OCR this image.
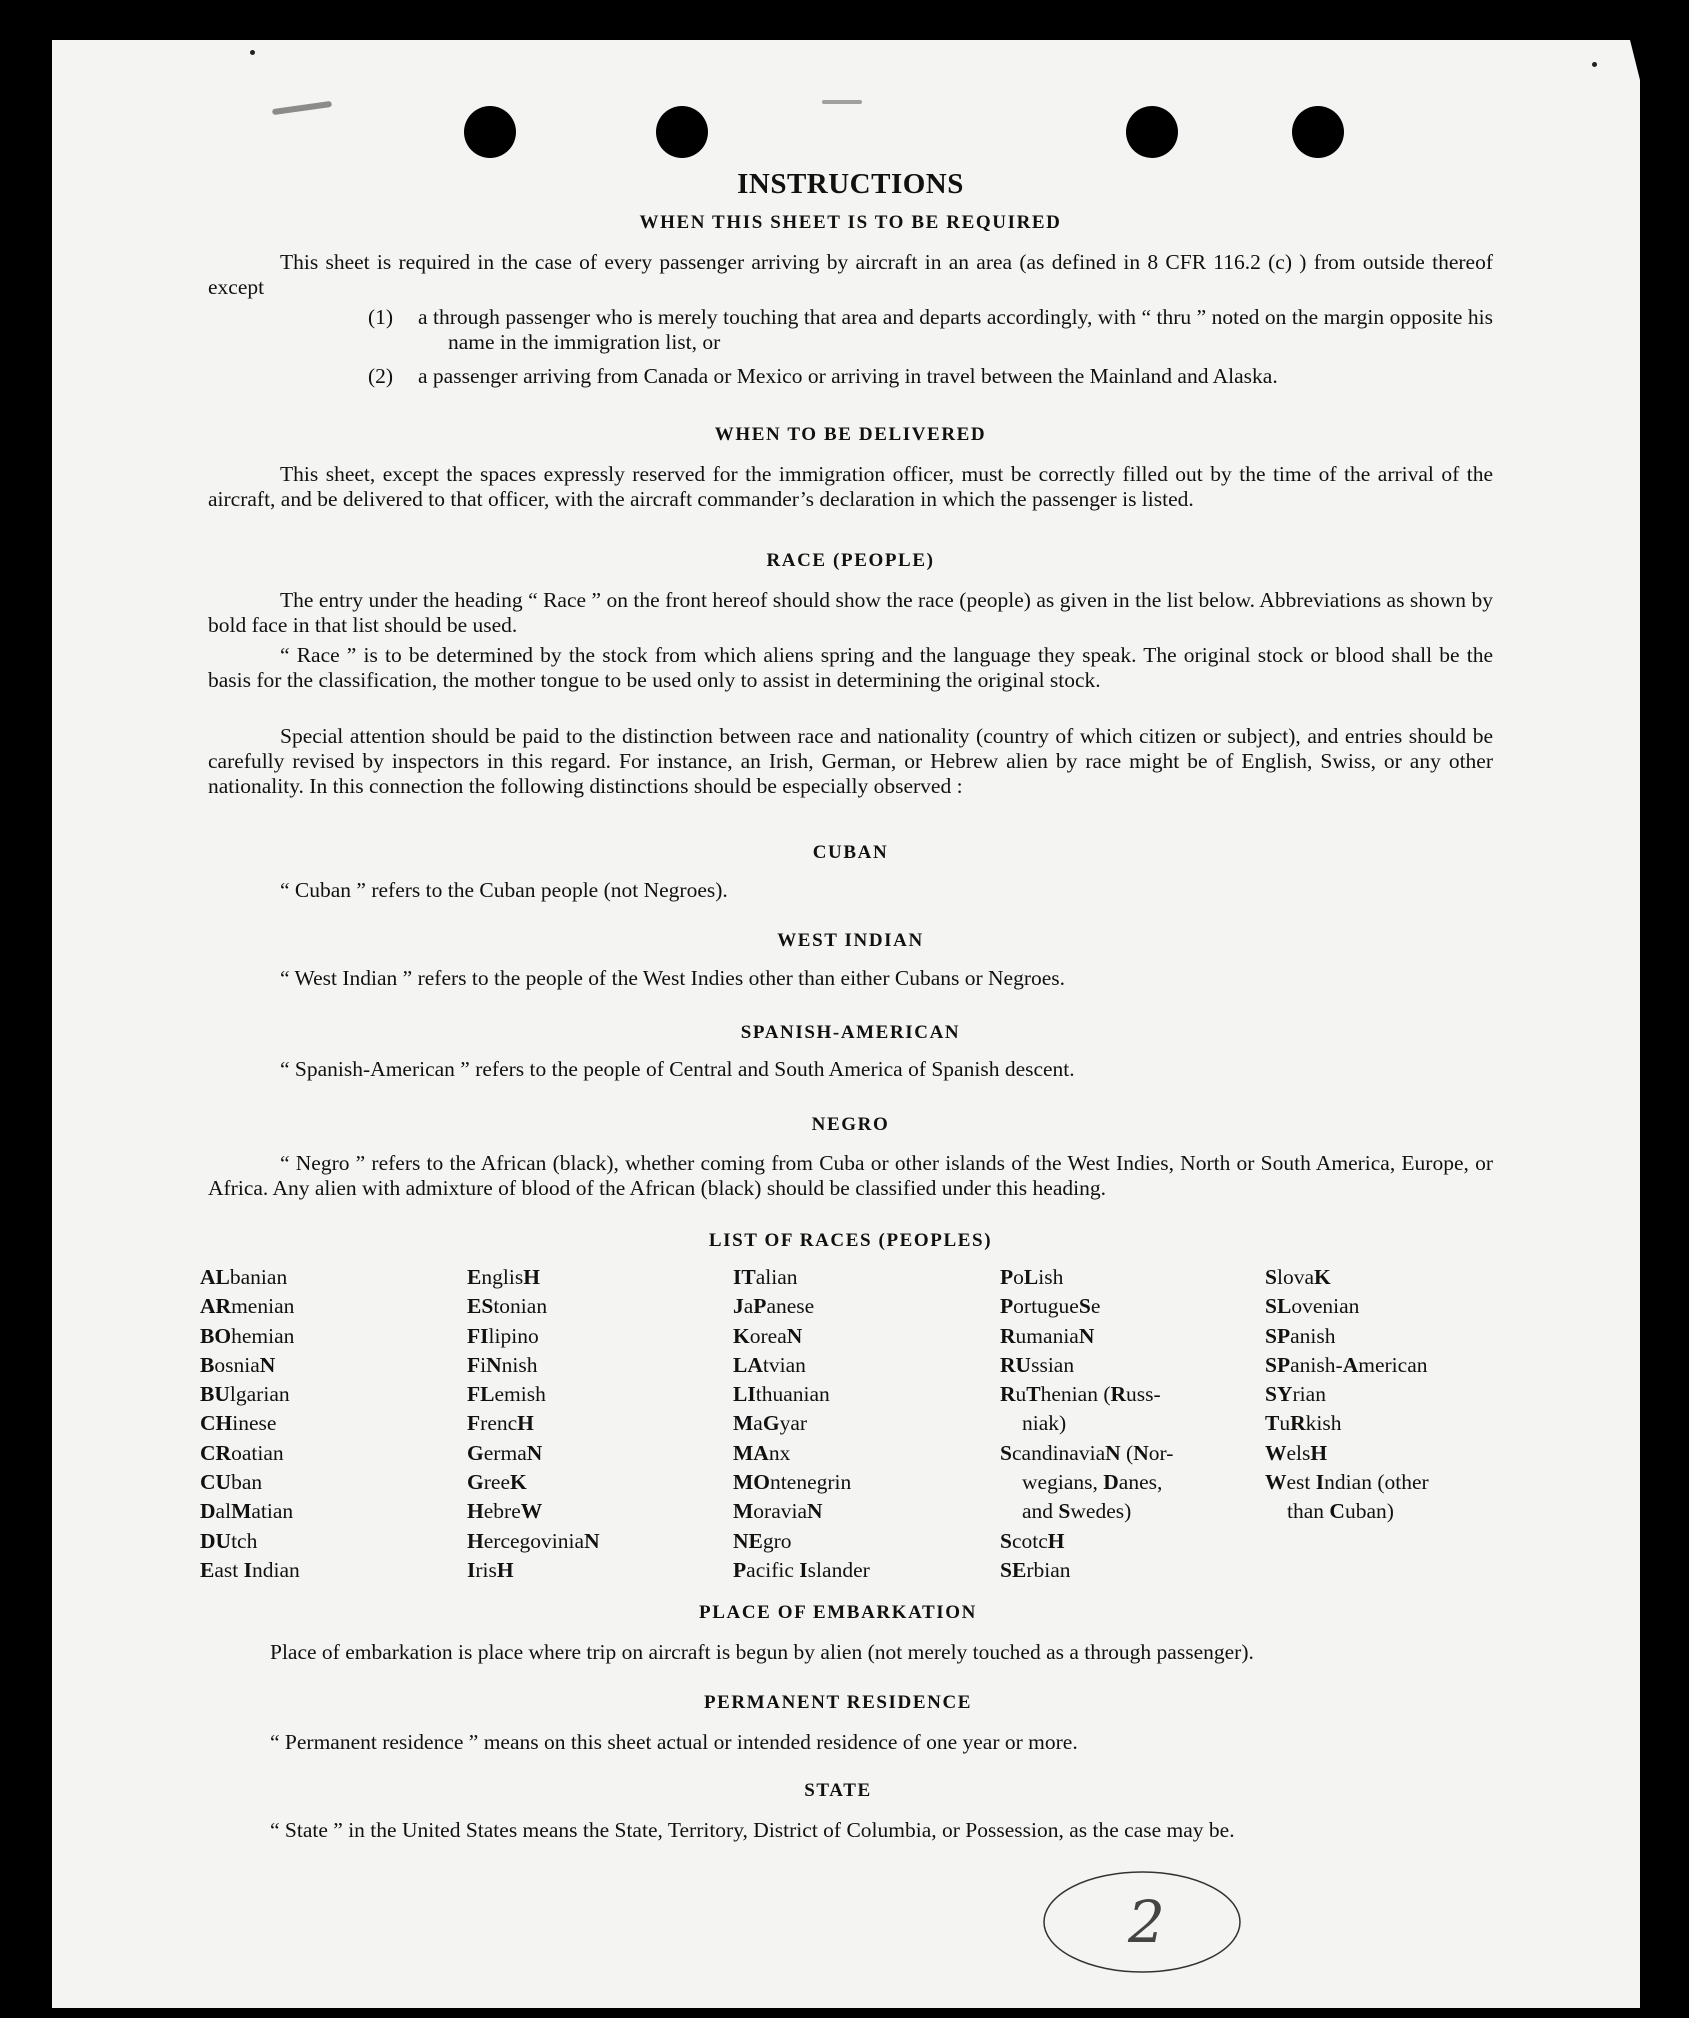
INSTRUCTIONS
WHEN THIS SHEET IS TO BE REQUIRED

This sheet is required in the case of every passenger arriving by aircraft in an area (as defined in 8 CFR 116.2 (c) ) from outside thereof except

(1) a through passenger who is merely touching that area and departs accordingly, with “ thru ” noted on the margin opposite his name in the immigration list, or
(2) a passenger arriving from Canada or Mexico or arriving in travel between the Mainland and Alaska.
WHEN TO BE DELIVERED

This sheet, except the spaces expressly reserved for the immigration officer, must be correctly filled out by the time of the arrival of the aircraft, and be delivered to that officer, with the aircraft commander’s declaration in which the passenger is listed.

RACE (PEOPLE)

The entry under the heading “ Race ” on the front hereof should show the race (people) as given in the list below. Abbreviations as shown by bold face in that list should be used.

“ Race ” is to be determined by the stock from which aliens spring and the language they speak. The original stock or blood shall be the basis for the classification, the mother tongue to be used only to assist in determining the original stock.

Special attention should be paid to the distinction between race and nationality (country of which citizen or subject), and entries should be carefully revised by inspectors in this regard. For instance, an Irish, German, or Hebrew alien by race might be of English, Swiss, or any other nationality. In this connection the following distinctions should be especially observed :

CUBAN

“ Cuban ” refers to the Cuban people (not Negroes).

WEST INDIAN

“ West Indian ” refers to the people of the West Indies other than either Cubans or Negroes.

SPANISH-AMERICAN

“ Spanish-American ” refers to the people of Central and South America of Spanish descent.

NEGRO

“ Negro ” refers to the African (black), whether coming from Cuba or other islands of the West Indies, North or South America, Europe, or Africa. Any alien with admixture of blood of the African (black) should be classified under this heading.

LIST OF RACES (PEOPLES)
ALbanian
ARmenian
BOhemian
BosniaN
BUlgarian
CHinese
CRoatian
CUban
DalMatian
DUtch
East Indian
EnglisH
EStonian
FIlipino
FiNnish
FLemish
FrencH
GermaN
GreeK
HebreW
HercegoviniaN
IrisH
ITalian
JaPanese
KoreaN
LAtvian
LIthuanian
MaGyar
MAnx
MOntenegrin
MoraviaN
NEgro
Pacific Islander
PoLish
PortugueSe
RumaniaN
RUssian
RuThenian (Russ-
niak)
ScandinaviaN (Nor-
wegians, Danes,
and Swedes)
ScotcH
SErbian
SlovaK
SLovenian
SPanish
SPanish-American
SYrian
TuRkish
WelsH
West Indian (other
than Cuban)
PLACE OF EMBARKATION

Place of embarkation is place where trip on aircraft is begun by alien (not merely touched as a through passenger).

PERMANENT RESIDENCE

“ Permanent residence ” means on this sheet actual or intended residence of one year or more.

STATE

“ State ” in the United States means the State, Territory, District of Columbia, or Possession, as the case may be.

2
